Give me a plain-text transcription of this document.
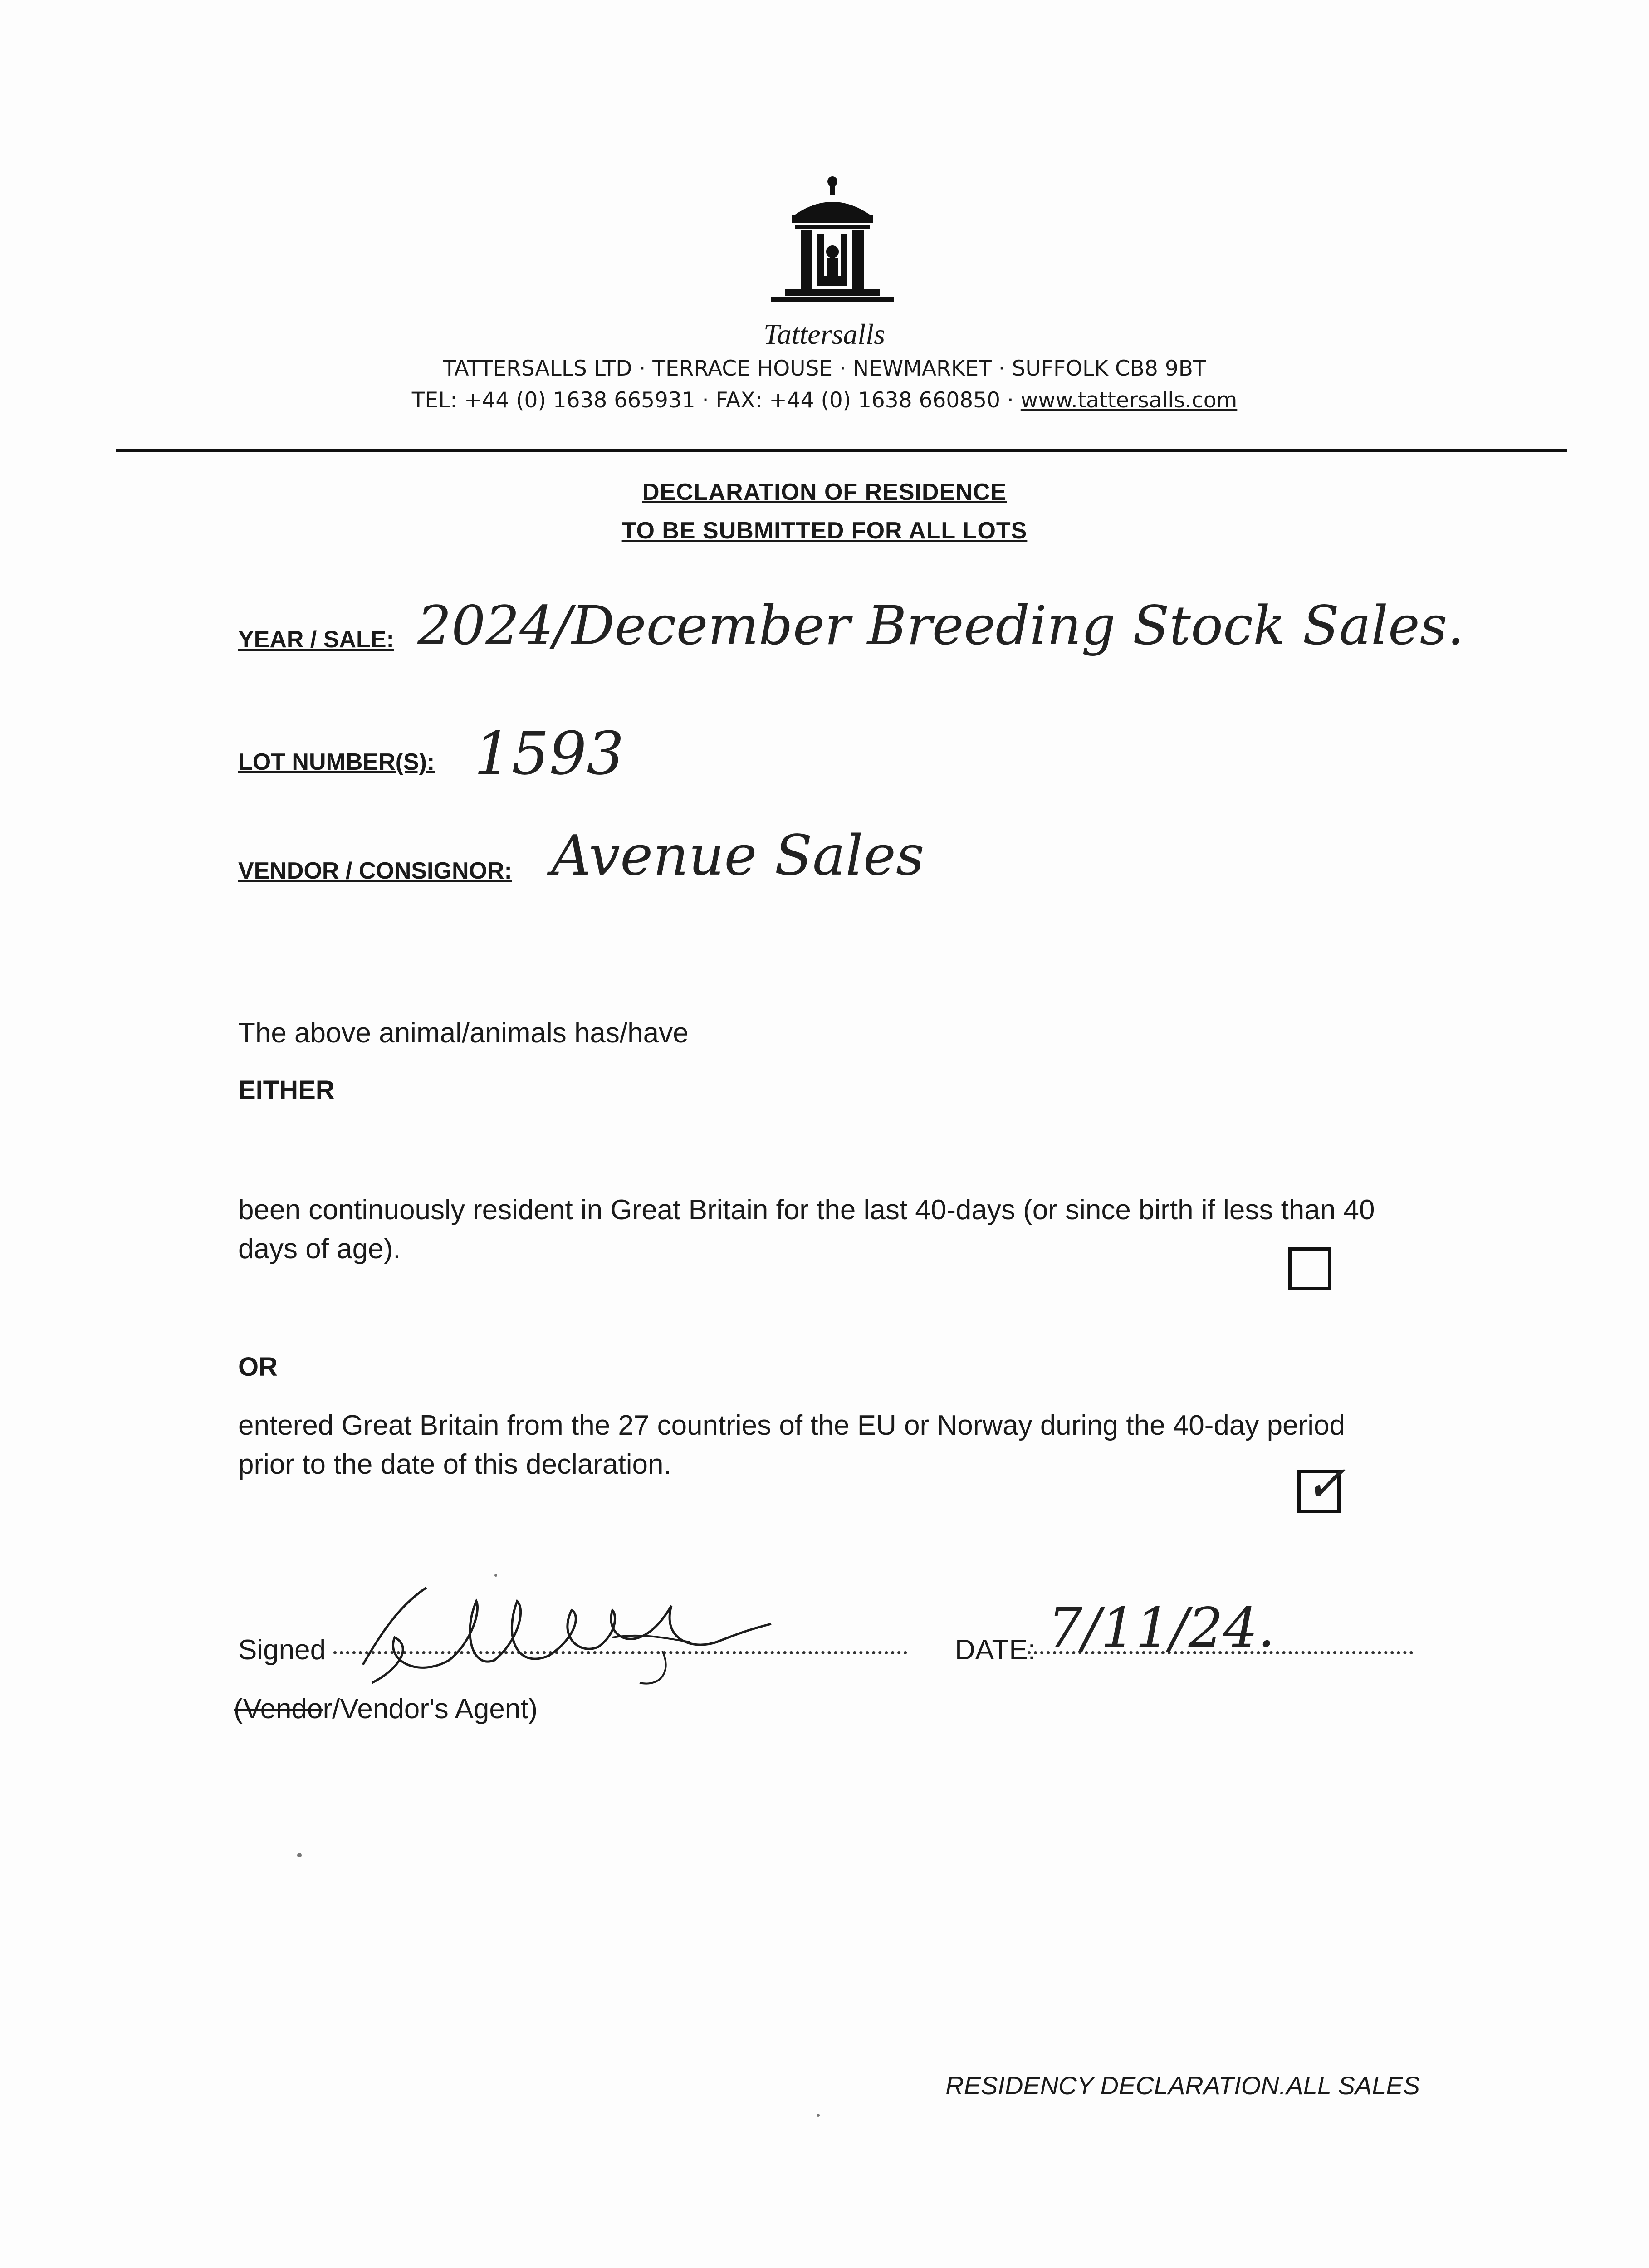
Tattersalls
TATTERSALLS LTD · TERRACE HOUSE · NEWMARKET · SUFFOLK CB8 9BT
TEL: +44 (0) 1638 665931 · FAX: +44 (0) 1638 660850 · www.tattersalls.com
DECLARATION OF RESIDENCE
TO BE SUBMITTED FOR ALL LOTS
YEAR / SALE: 2024/December Breeding Stock Sales.
LOT NUMBER(S): 1593
VENDOR / CONSIGNOR: Avenue Sales
The above animal/animals has/have
EITHER
been continuously resident in Great Britain for the last 40-days (or since birth if less than 40
days of age).
OR
entered Great Britain from the 27 countries of the EU or Norway during the 40-day period
prior to the date of this declaration.	✓
Signed	DATE: 7/11/24.
(Vendor/Vendor's Agent)
RESIDENCY DECLARATION.ALL SALES
